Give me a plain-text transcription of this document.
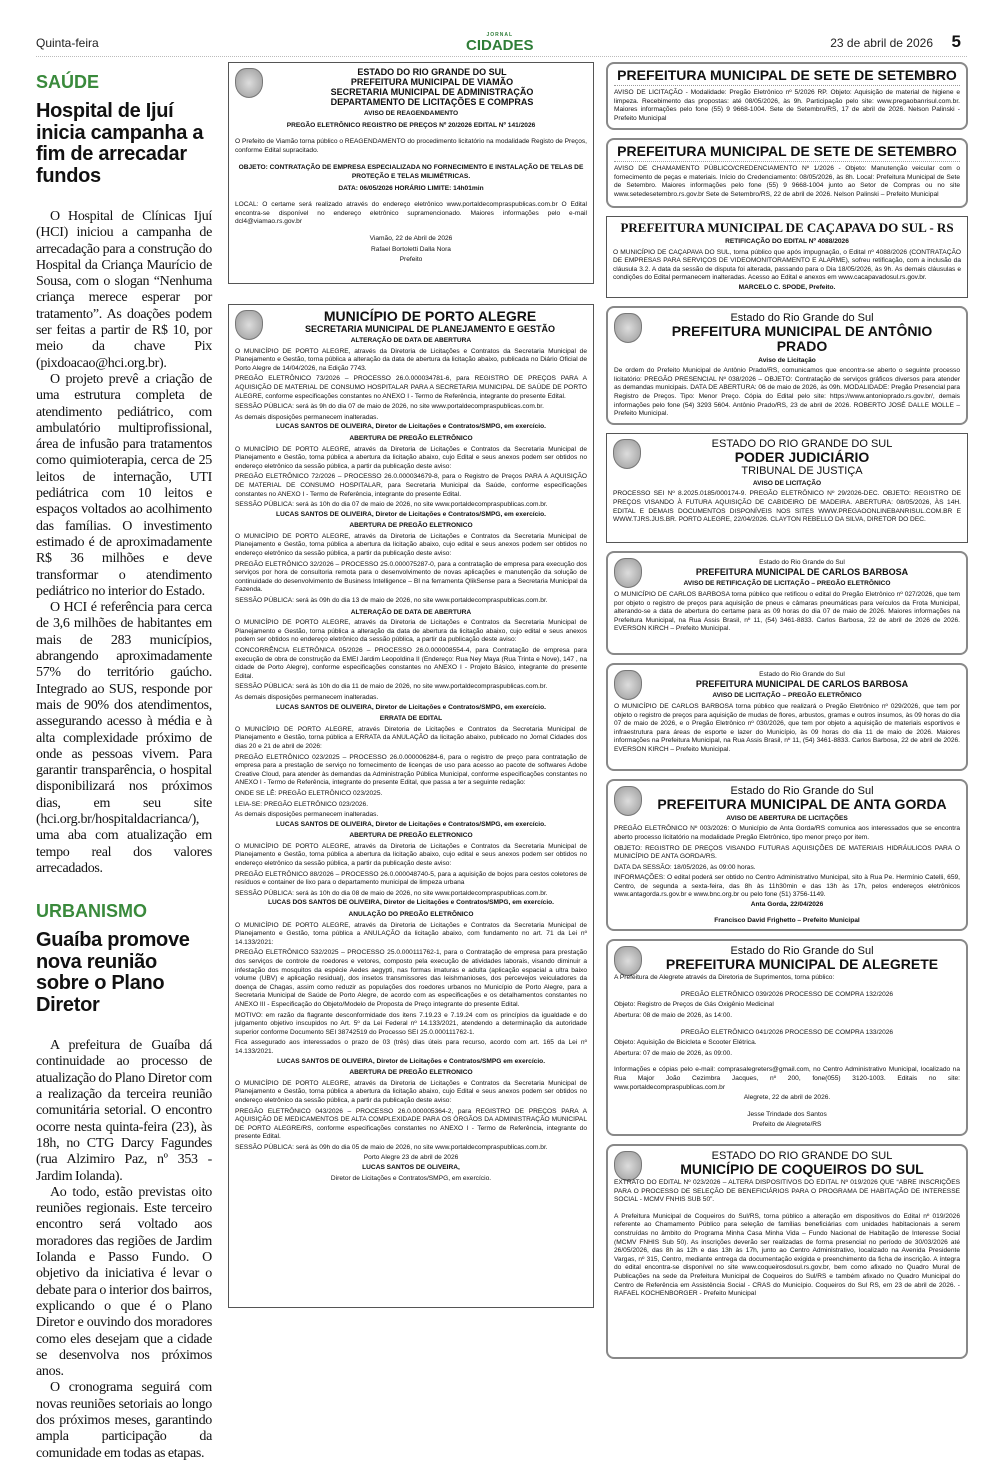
Quinta-feira
JORNAL
CIDADES	23 de abril de 2026 5
SAÚDE
Hospital de Ijuí inicia campanha a fim de arrecadar fundos

O Hospital de Clínicas Ijuí (HCI) iniciou a campanha de arrecadação para a construção do Hospital da Criança Maurício de Sousa, com o slogan “Nenhuma criança merece esperar por tratamento”. As doações podem ser feitas a partir de R$ 10, por meio da chave Pix (pixdoacao@hci.org.br).

O projeto prevê a criação de uma estrutura completa de atendimento pediátrico, com ambulatório multiprofissional, área de infusão para tratamentos como quimioterapia, cerca de 25 leitos de internação, UTI pediátrica com 10 leitos e espaços voltados ao acolhimento das famílias. O investimento estimado é de aproximadamente R$ 36 milhões e deve transformar o atendimento pediátrico no interior do Estado.

O HCI é referência para cerca de 3,6 milhões de habitantes em mais de 283 municípios, abrangendo aproximadamente 57% do território gaúcho. Integrado ao SUS, responde por mais de 90% dos atendimentos, assegurando acesso à média e à alta complexidade próximo de onde as pessoas vivem. Para garantir transparência, o hospital disponibilizará nos próximos dias, em seu site (hci.org.br/hospitaldacrianca/), uma aba com atualização em tempo real dos valores arrecadados.

URBANISMO
Guaíba promove nova reunião sobre o Plano Diretor

A prefeitura de Guaíba dá continuidade ao processo de atualização do Plano Diretor com a realização da terceira reunião comunitária setorial. O encontro ocorre nesta quinta-feira (23), às 18h, no CTG Darcy Fagundes (rua Alzimiro Paz, nº 353 - Jardim Iolanda).

Ao todo, estão previstas oito reuniões regionais. Este terceiro encontro será voltado aos moradores das regiões de Jardim Iolanda e Passo Fundo. O objetivo da iniciativa é levar o debate para o interior dos bairros, explicando o que é o Plano Diretor e ouvindo dos moradores como eles desejam que a cidade se desenvolva nos próximos anos.

O cronograma seguirá com novas reuniões setoriais ao longo dos próximos meses, garantindo ampla participação da comunidade em todas as etapas.

ESTADO DO RIO GRANDE DO SUL
PREFEITURA MUNICIPAL DE VIAMÃO
SECRETARIA MUNICIPAL DE ADMINISTRAÇÃO
DEPARTAMENTO DE LICITAÇÕES E COMPRAS
AVISO DE REAGENDAMENTO
PREGÃO ELETRÔNICO REGISTRO DE PREÇOS Nº 20/2026 EDITAL Nº 141/2026
O Prefeito de Viamão torna público o REAGENDAMENTO do procedimento licitatório na modalidade Registo de Preços, conforme Edital supracitado.
OBJETO: CONTRATAÇÃO DE EMPRESA ESPECIALIZADA NO FORNECIMENTO E INSTALAÇÃO DE TELAS DE PROTEÇÃO E TELAS MILIMÉTRICAS.
DATA: 06/05/2026 HORÁRIO LIMITE: 14h01min
LOCAL: O certame será realizado através do endereço eletrônico www.portaldecompraspublicas.com.br O Edital encontra-se disponível no endereço eletrônico supramencionado. Maiores informações pelo e-mail dcl4@viamao.rs.gov.br
Viamão, 22 de Abril de 2026
Rafael Bortoletti Dalla Nora
Prefeito
MUNICÍPIO DE PORTO ALEGRE
SECRETARIA MUNICIPAL DE PLANEJAMENTO E GESTÃO
ALTERAÇÃO DE DATA DE ABERTURA
O MUNICÍPIO DE PORTO ALEGRE, através da Diretoria de Licitações e Contratos da Secretaria Municipal de Planejamento e Gestão, torna pública a alteração da data de abertura da licitação abaixo, publicada no Diário Oficial de Porto Alegre de 14/04/2026, na Edição 7743.
PREGÃO ELETRÔNICO 73/2026 – PROCESSO 26.0.000034781-6, para REGISTRO DE PREÇOS PARA A AQUISIÇÃO DE MATERIAL DE CONSUMO HOSPITALAR PARA A SECRETARIA MUNICIPAL DE SAÚDE DE PORTO ALEGRE, conforme especificações constantes no ANEXO I - Termo de Referência, integrante do presente Edital.
SESSÃO PÚBLICA: será às 9h do dia 07 de maio de 2026, no site www.portaldecompraspublicas.com.br.
As demais disposições permanecem inalteradas.
LUCAS SANTOS DE OLIVEIRA, Diretor de Licitações e Contratos/SMPG, em exercício.
ABERTURA DE PREGÃO ELETRÔNICO
O MUNICÍPIO DE PORTO ALEGRE, através da Diretoria de Licitações e Contratos da Secretaria Municipal de Planejamento e Gestão, torna pública a abertura da licitação abaixo, cujo Edital e seus anexos podem ser obtidos no endereço eletrônico da sessão pública, a partir da publicação deste aviso:
PREGÃO ELETRÔNICO 72/2026 – PROCESSO 26.0.000034679-8, para o Registro de Preços PARA A AQUISIÇÃO DE MATERIAL DE CONSUMO HOSPITALAR, para Secretaria Municipal da Saúde, conforme especificações constantes no ANEXO I - Termo de Referência, integrante do presente Edital.
SESSÃO PÚBLICA: será às 10h do dia 07 de maio de 2026, no site www.portaldecompraspublicas.com.br.
LUCAS SANTOS DE OLIVEIRA, Diretor de Licitações e Contratos/SMPG, em exercício.
ABERTURA DE PREGÃO ELETRONICO
O MUNICÍPIO DE PORTO ALEGRE, através da Diretoria de Licitações e Contratos da Secretaria Municipal de Planejamento e Gestão, torna pública a abertura da licitação abaixo, cujo edital e seus anexos podem ser obtidos no endereço eletrônico da sessão pública, a partir da publicação deste aviso:
PREGÃO ELETRÔNICO 32/2026 – PROCESSO 25.0.000075287-0, para a contratação de empresa para execução dos serviços por hora de consultoria remota para o desenvolvimento de novas aplicações e manutenção da solução de continuidade do desenvolvimento de Business Intelligence – BI na ferramenta QlikSense para a Secretaria Municipal da Fazenda.
SESSÃO PÚBLICA: será às 09h do dia 13 de maio de 2026, no site www.portaldecompraspublicas.com.br.
ALTERAÇÃO DE DATA DE ABERTURA
O MUNICÍPIO DE PORTO ALEGRE, através da Diretoria de Licitações e Contratos da Secretaria Municipal de Planejamento e Gestão, torna pública a alteração da data de abertura da licitação abaixo, cujo edital e seus anexos podem ser obtidos no endereço eletrônico da sessão pública, a partir da publicação deste aviso:
CONCORRÊNCIA ELETRÔNICA 05/2026 – PROCESSO 26.0.000008554-4, para Contratação de empresa para execução de obra de construção da EMEI Jardim Leopoldina II (Endereço: Rua Ney Maya (Rua Trinta e Nove), 147 , na cidade de Porto Alegre), conforme especificações constantes no ANEXO I - Projeto Básico, integrante do presente Edital.
SESSÃO PÚBLICA: será às 10h do dia 11 de maio de 2026, no site www.portaldecompraspublicas.com.br.
As demais disposições permanecem inalteradas.
LUCAS SANTOS DE OLIVEIRA, Diretor de Licitações e Contratos/SMPG, em exercício.
ERRATA DE EDITAL
O MUNICÍPIO DE PORTO ALEGRE, através Diretoria de Licitações e Contratos da Secretaria Municipal de Planejamento e Gestão, torna pública a ERRATA da ANULAÇÃO da licitação abaixo, publicado no Jornal Cidades dos dias 20 e 21 de abril de 2026:
PREGÃO ELETRÔNICO 023/2025 – PROCESSO 26.0.000006284-6, para o registro de preço para contratação de empresa para a prestação de serviço no fornecimento de licenças de uso para acesso ao pacote de softwares Adobe Creative Cloud, para atender às demandas da Administração Pública Municipal, conforme especificações constantes no ANEXO I - Termo de Referência, integrante do presente Edital, que passa a ter a seguinte redação:
ONDE SE LÊ: PREGÃO ELETRÔNICO 023/2025.
LEIA-SE: PREGÃO ELETRÔNICO 023/2026.
As demais disposições permanecem inalteradas.
LUCAS SANTOS DE OLIVEIRA, Diretor de Licitações e Contratos/SMPG, em exercício.
ABERTURA DE PREGÃO ELETRONICO
O MUNICÍPIO DE PORTO ALEGRE, através da Diretoria de Licitações e Contratos da Secretaria Municipal de Planejamento e Gestão, torna pública a abertura da licitação abaixo, cujo edital e seus anexos podem ser obtidos no endereço eletrônico da sessão pública, a partir da publicação deste aviso:
PREGÃO ELETRÔNICO 88/2026 – PROCESSO 26.0.000048740-5, para a aquisição de bojos para cestos coletores de resíduos e container de lixo para o departamento municipal de limpeza urbana
SESSÃO PÚBLICA: será às 10h do dia 08 de maio de 2026, no site www.portaldecompraspublicas.com.br.
LUCAS DOS SANTOS DE OLIVEIRA, Diretor de Licitações e Contratos/SMPG, em exercício.
ANULAÇÃO DO PREGÃO ELETRÔNICO
O MUNICÍPIO DE PORTO ALEGRE, através da Diretoria de Licitações e Contratos da Secretaria Municipal de Planejamento e Gestão, torna pública a ANULAÇÃO da licitação abaixo, com fundamento no art. 71 da Lei nº 14.133/2021:
PREGÃO ELETRÔNICO 532/2025 – PROCESSO 25.0.000111762-1, para o Contratação de empresa para prestação dos serviços de controle de roedores e vetores, composto pela execução de atividades laborais, visando diminuir a infestação dos mosquitos da espécie Aedes aegypti, nas formas imaturas e adulta (aplicação espacial a ultra baixo volume (UBV) e aplicação residual), dos insetos transmissores das leishmanioses, dos percevejos veiculadores da doença de Chagas, assim como reduzir as populações dos roedores urbanos no Município de Porto Alegre, para a Secretaria Municipal de Saúde de Porto Alegre, de acordo com as especificações e os detalhamentos constantes no ANEXO III - Especificação do Objeto/Modelo de Proposta de Preço integrante do presente Edital.
MOTIVO: em razão da flagrante desconformidade dos itens 7.19.23 e 7.19.24 com os princípios da igualdade e do julgamento objetivo inscupidos no Art. 5º da Lei Federal nº 14.133/2021, atendendo a determinação da autoridade superior conforme Documento SEI 38742519 do Processo SEI 25.0.000111762-1.
Fica assegurado aos interessados o prazo de 03 (três) dias úteis para recurso, acordo com art. 165 da Lei nº 14.133/2021.
LUCAS SANTOS DE OLIVEIRA, Diretor de Licitações e Contratos/SMPG em exercício.
ABERTURA DE PREGÃO ELETRONICO
O MUNICÍPIO DE PORTO ALEGRE, através da Diretoria de Licitações e Contratos da Secretaria Municipal de Planejamento e Gestão, torna pública a abertura da licitação abaixo, cujo Edital e seus anexos podem ser obtidos no endereço eletrônico da sessão pública, a partir da publicação deste aviso:
PREGÃO ELETRÔNICO 043/2026 – PROCESSO 26.0.000005364-2, para REGISTRO DE PREÇOS PARA A AQUISIÇÃO DE MEDICAMENTOS DE ALTA COMPLEXIDADE PARA OS ÓRGÃOS DA ADMINISTRAÇÃO MUNICIPAL DE PORTO ALEGRE/RS, conforme especificações constantes no ANEXO I - Termo de Referência, integrante do presente Edital.
SESSÃO PÚBLICA: será às 09h do dia 05 de maio de 2026, no site www.portaldecompraspublicas.com.br.
Porto Alegre 23 de abril de 2026
LUCAS SANTOS DE OLIVEIRA,
Diretor de Licitações e Contratos/SMPG, em exercício.
PREFEITURA MUNICIPAL DE SETE DE SETEMBRO
AVISO DE LICITAÇÃO - Modalidade: Pregão Eletrônico nº 5/2026 RP. Objeto: Aquisição de material de higiene e limpeza. Recebimento das propostas: até 08/05/2026, às 9h. Participação pelo site: www.pregaobanrisul.com.br. Maiores informações pelo fone (55) 9 9668-1004. Sete de Setembro/RS, 17 de abril de 2026. Nelson Palinski - Prefeito Municipal
PREFEITURA MUNICIPAL DE SETE DE SETEMBRO
AVISO DE CHAMAMENTO PÚBLICO/CREDENCIAMENTO Nº 1/2026 - Objeto: Manutenção veicular com o fornecimento de peças e materiais. Início do Credenciamento: 08/05/2026, às 8h. Local: Prefeitura Municipal de Sete de Setembro. Maiores informações pelo fone (55) 9 9668-1004 junto ao Setor de Compras ou no site www.setedesetembro.rs.gov.br Sete de Setembro/RS, 22 de abril de 2026. Nelson Palinski – Prefeito Municipal
PREFEITURA MUNICIPAL DE CAÇAPAVA DO SUL - RS
RETIFICAÇÃO DO EDITAL Nº 4088/2026
O MUNICÍPIO DE CAÇAPAVA DO SUL, torna público que após impugnação, o Edital nº 4088/2026 (CONTRATAÇÃO DE EMPRESAS PARA SERVIÇOS DE VIDEOMONITORAMENTO E ALARME), sofreu retificação, com a inclusão da cláusula 3.2. A data da sessão de disputa foi alterada, passando para o Dia 18/05/2026, às 9h. As demais cláusulas e condições do Edital permanecem inalteradas. Acesso ao Edital e anexos em www.cacapavadosul.rs.gov.br.
MARCELO C. SPODE, Prefeito.
Estado do Rio Grande do Sul
PREFEITURA MUNICIPAL DE ANTÔNIO PRADO
Aviso de Licitação
De ordem do Prefeito Municipal de Antônio Prado/RS, comunicamos que encontra-se aberto o seguinte processo licitatório: PREGÃO PRESENCIAL Nº 038/2026 – OBJETO: Contratação de serviços gráficos diversos para atender as demandas municipais. DATA DE ABERTURA: 06 de maio de 2026, às 09h. MODALIDADE: Pregão Presencial para Registro de Preços. Tipo: Menor Preço. Cópia do Edital pelo site: https://www.antonioprado.rs.gov.br/, demais informações pelo fone (54) 3293 5604. Antônio Prado/RS, 23 de abril de 2026. ROBERTO JOSÉ DALLE MOLLE – Prefeito Municipal.
ESTADO DO RIO GRANDE DO SUL
PODER JUDICIÁRIO
TRIBUNAL DE JUSTIÇA
AVISO DE LICITAÇÃO
PROCESSO SEI Nº 8.2025.0185/000174-9. PREGÃO ELETRÔNICO Nº 29/2026-DEC. OBJETO: REGISTRO DE PREÇOS VISANDO À FUTURA AQUISIÇÃO DE CABIDEIRO DE MADEIRA. ABERTURA: 08/05/2026, ÀS 14H. EDITAL E DEMAIS DOCUMENTOS DISPONÍVEIS NOS SITES WWW.PREGAOONLINEBANRISUL.COM.BR E WWW.TJRS.JUS.BR. PORTO ALEGRE, 22/04/2026. CLAYTON REBELLO DA SILVA, DIRETOR DO DEC.
Estado do Rio Grande do Sul
PREFEITURA MUNICIPAL DE CARLOS BARBOSA
AVISO DE RETIFICAÇÃO DE LICITAÇÃO – PREGÃO ELETRÔNICO
O MUNICÍPIO DE CARLOS BARBOSA torna público que retificou o edital do Pregão Eletrônico nº 027/2026, que tem por objeto o registro de preços para aquisição de pneus e câmaras pneumáticas para veículos da Frota Municipal, alterando-se a data de abertura do certame para as 09 horas do dia 07 de maio de 2026. Maiores informações na Prefeitura Municipal, na Rua Assis Brasil, nº 11, (54) 3461-8833. Carlos Barbosa, 22 de abril de 2026 de 2026. EVERSON KIRCH – Prefeito Municipal.
Estado do Rio Grande do Sul
PREFEITURA MUNICIPAL DE CARLOS BARBOSA
AVISO DE LICITAÇÃO – PREGÃO ELETRÔNICO
O MUNICÍPIO DE CARLOS BARBOSA torna público que realizará o Pregão Eletrônico nº 029/2026, que tem por objeto o registro de preços para aquisição de mudas de flores, arbustos, gramas e outros insumos, às 09 horas do dia 07 de maio de 2026, e o Pregão Eletrônico nº 030/2026, que tem por objeto a aquisição de materiais esportivos e infraestrutura para áreas de esporte e lazer do Município, às 09 horas do dia 11 de maio de 2026. Maiores informações na Prefeitura Municipal, na Rua Assis Brasil, nº 11, (54) 3461-8833. Carlos Barbosa, 22 de abril de 2026. EVERSON KIRCH – Prefeito Municipal.
Estado do Rio Grande do Sul
PREFEITURA MUNICIPAL DE ANTA GORDA
AVISO DE ABERTURA DE LICITAÇÕES
PREGÃO ELETRÔNICO Nº 003/2026: O Município de Anta Gorda/RS comunica aos interessados que se encontra aberto processo licitatório na modalidade Pregão Eletrônico, tipo menor preço por item.
OBJETO: REGISTRO DE PREÇOS VISANDO FUTURAS AQUISIÇÕES DE MATERIAIS HIDRÁULICOS PARA O MUNICÍPIO DE ANTA GORDA/RS.
DATA DA SESSÃO: 18/05/2026, às 09:00 horas.
INFORMAÇÕES: O edital poderá ser obtido no Centro Administrativo Municipal, sito à Rua Pe. Hermínio Catelli, 659, Centro, de segunda a sexta-feira, das 8h às 11h30min e das 13h às 17h, pelos endereços eletrônicos www.antagorda.rs.gov.br e www.bnc.org.br ou pelo fone (51) 3756-1149.
Anta Gorda, 22/04/2026
Francisco David Frighetto – Prefeito Municipal
Estado do Rio Grande do Sul
PREFEITURA MUNICIPAL DE ALEGRETE
A Prefeitura de Alegrete através da Diretoria de Suprimentos, torna público:
PREGÃO ELETRÔNICO 039/2026 PROCESSO DE COMPRA 132/2026
Objeto: Registro de Preços de Gás Oxigênio Medicinal
Abertura: 08 de maio de 2026, às 14:00.
PREGÃO ELETRÔNICO 041/2026 PROCESSO DE COMPRA 133/2026
Objeto: Aquisição de Bicicleta e Scooter Elétrica.
Abertura: 07 de maio de 2026, às 09:00.
Informações e cópias pelo e-mail: comprasalegreters@gmail.com, no Centro Administrativo Municipal, localizado na Rua Major João Cezimbra Jacques, nº 200, fone(055) 3120-1003. Editais no site: www.portaldecompraspublicas.com.br
Alegrete, 22 de abril de 2026.
Jesse Trindade dos Santos
Prefeito de Alegrete/RS
ESTADO DO RIO GRANDE DO SUL
MUNICÍPIO DE COQUEIROS DO SUL
EXTRATO DO EDITAL Nº 023/2026 – ALTERA DISPOSITIVOS DO EDITAL Nº 019/2026 QUE “ABRE INSCRIÇÕES PARA O PROCESSO DE SELEÇÃO DE BENEFICIÁRIOS PARA O PROGRAMA DE HABITAÇÃO DE INTERESSE SOCIAL - MCMV FNHIS SUB 50”.
A Prefeitura Municipal de Coqueiros do Sul/RS, torna público a alteração em dispositivos do Edital nº 019/2026 referente ao Chamamento Público para seleção de famílias beneficiárias com unidades habitacionais a serem construídas no âmbito do Programa Minha Casa Minha Vida – Fundo Nacional de Habitação de Interesse Social (MCMV FNHIS Sub 50). As inscrições deverão ser realizadas de forma presencial no período de 30/03/2026 até 26/05/2026, das 8h às 12h e das 13h às 17h, junto ao Centro Administrativo, localizado na Avenida Presidente Vargas, nº 315, Centro, mediante entrega da documentação exigida e preenchimento da ficha de inscrição. A íntegra do edital encontra-se disponível no site www.coqueirosdosul.rs.gov.br, bem como afixado no Quadro Mural de Publicações na sede da Prefeitura Municipal de Coqueiros do Sul/RS e também afixado no Quadro Municipal do Centro de Referência em Assistência Social - CRAS do Município. Coqueiros do Sul RS, em 23 de abril de 2026. - RAFAEL KOCHENBORGER - Prefeito Municipal
